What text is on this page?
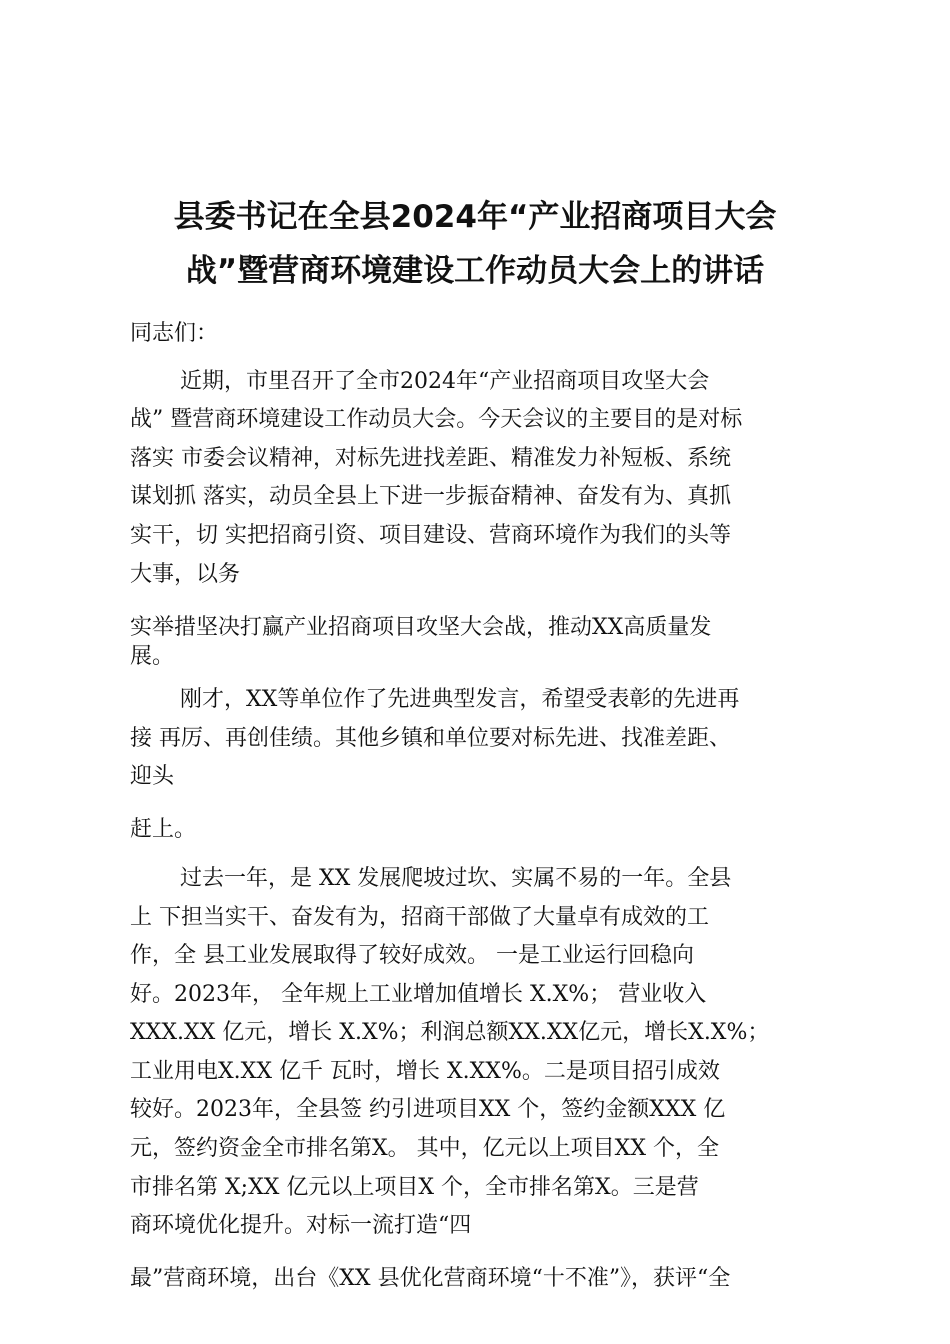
县委书记在全县2024年“产业招商项目大会
战”暨营商环境建设工作动员大会上的讲话
同志们：
近期，市里召开了全市2024年“产业招商项目攻坚大会
战” 暨营商环境建设工作动员大会。今天会议的主要目的是对标
落实 市委会议精神，对标先进找差距、精准发力补短板、系统
谋划抓 落实，动员全县上下进一步振奋精神、奋发有为、真抓
实干，切 实把招商引资、项目建设、营商环境作为我们的头等
大事，以务
实举措坚决打赢产业招商项目攻坚大会战，推动XX高质量发
展。
刚才，XX等单位作了先进典型发言，希望受表彰的先进再
接 再厉、再创佳绩。其他乡镇和单位要对标先进、找准差距、
迎头
赶上。
过去一年，是 XX 发展爬坡过坎、实属不易的一年。全县
上 下担当实干、奋发有为，招商干部做了大量卓有成效的工
作，全 县工业发展取得了较好成效。 一是工业运行回稳向
好。2023年， 全年规上工业增加值增长 X.X%； 营业收入
XXX.XX 亿元，增长 X.X%；利润总额XX.XX亿元，增长X.X%；
工业用电X.XX 亿千 瓦时，增长 X.XX%。二是项目招引成效
较好。2023年，全县签 约引进项目XX 个，签约金额XXX 亿
元，签约资金全市排名第X。 其中，亿元以上项目XX 个，全
市排名第 X;XX 亿元以上项目X 个，全市排名第X。三是营
商环境优化提升。对标一流打造“四
最”营商环境，出台《XX 县优化营商环境“十不准”》，获评“全
